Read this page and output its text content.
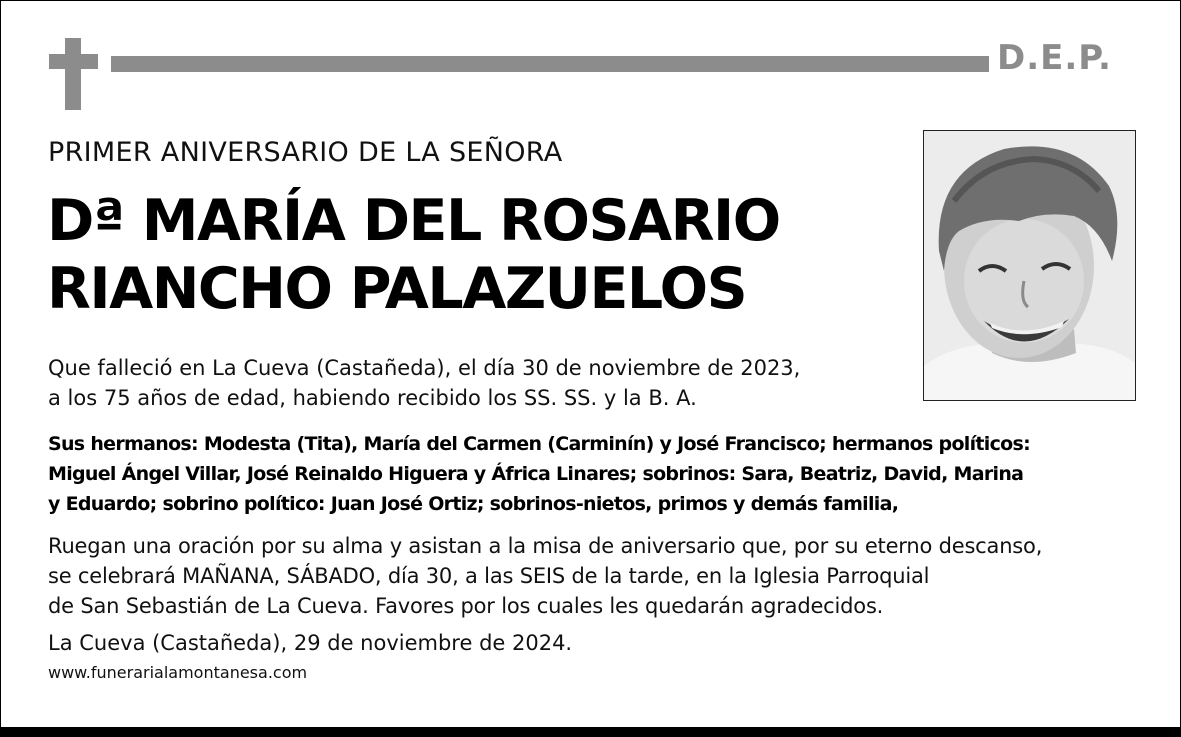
D.E.P.
PRIMER ANIVERSARIO DE LA SEÑORA
Dª MARÍA DEL ROSARIO
RIANCHO PALAZUELOS
Que falleció en La Cueva (Castañeda), el día 30 de noviembre de 2023,
a los 75 años de edad, habiendo recibido los SS. SS. y la B. A.
Sus hermanos: Modesta (Tita), María del Carmen (Carminín) y José Francisco; hermanos políticos:
Miguel Ángel Villar, José Reinaldo Higuera y África Linares; sobrinos: Sara, Beatriz, David, Marina
y Eduardo; sobrino político: Juan José Ortiz; sobrinos-nietos, primos y demás familia,
Ruegan una oración por su alma y asistan a la misa de aniversario que, por su eterno descanso,
se celebrará MAÑANA, SÁBADO, día 30, a las SEIS de la tarde, en la Iglesia Parroquial
de San Sebastián de La Cueva. Favores por los cuales les quedarán agradecidos.
La Cueva (Castañeda), 29 de noviembre de 2024.
www.funerarialamontanesa.com
